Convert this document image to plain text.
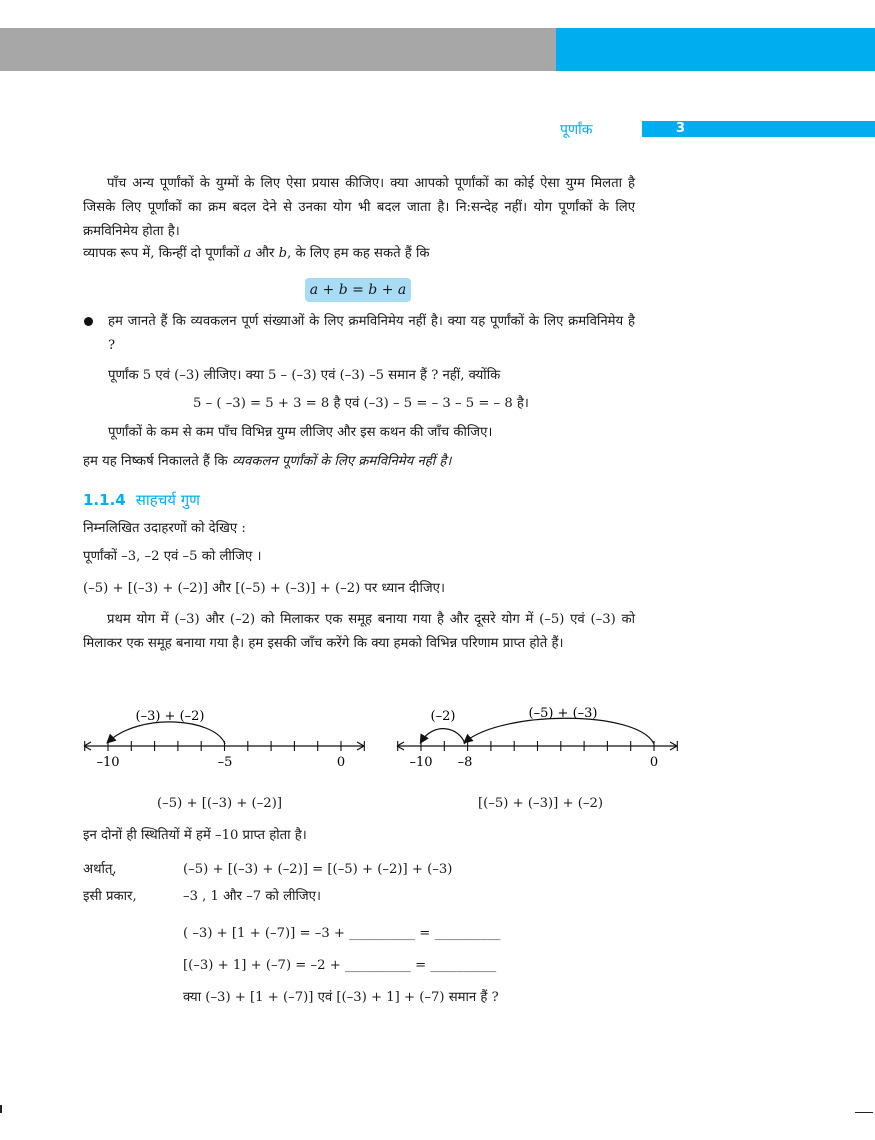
पूर्णांक	3
पाँच अन्य पूर्णांकों के युग्मों के लिए ऐसा प्रयास कीजिए। क्या आपको पूर्णांकों का कोई ऐसा युग्म मिलता है जिसके लिए पूर्णांकों का क्रम बदल देने से उनका योग भी बदल जाता है। नि:सन्देह नहीं। योग पूर्णांकों के लिए क्रमविनिमेय होता है।
व्यापक रूप में, किन्हीं दो पूर्णांकों a और b, के लिए हम कह सकते हैं कि
a + b = b + a
हम जानते हैं कि व्यवकलन पूर्ण संख्याओं के लिए क्रमविनिमेय नहीं है। क्या यह पूर्णांकों के लिए क्रमविनिमेय है ?
पूर्णांक 5 एवं (–3) लीजिए। क्या 5 – (–3) एवं (–3) –5 समान हैं ? नहीं, क्योंकि
5 – ( –3) = 5 + 3 = 8 है एवं (–3) – 5 = – 3 – 5 = – 8 है।
पूर्णांकों के कम से कम पाँच विभिन्न युग्म लीजिए और इस कथन की जाँच कीजिए।
हम यह निष्कर्ष निकालते हैं कि व्यवकलन पूर्णांकों के लिए क्रमविनिमेय नहीं है।
1.1.4 साहचर्य गुण
निम्नलिखित उदाहरणों को देखिए :
पूर्णांकों –3, –2 एवं –5 को लीजिए ।
(–5) + [(–3) + (–2)] और [(–5) + (–3)] + (–2) पर ध्यान दीजिए।
प्रथम योग में (–3) और (–2) को मिलाकर एक समूह बनाया गया है और दूसरे योग में (–5) एवं (–3) को मिलाकर एक समूह बनाया गया है। हम इसकी जाँच करेंगे कि क्या हमको विभिन्न परिणाम प्राप्त होते हैं।
(–3) + (–2)
–10	–5	0
(–5) + [(–3) + (–2)]
(–2)	(–5) + (–3)
–10 –8	0
[(–5) + (–3)] + (–2)
इन दोनों ही स्थितियों में हमें –10 प्राप्त होता है।
अर्थात्,	(–5) + [(–3) + (–2)] = [(–5) + (–2)] + (–3)
इसी प्रकार,	–3 , 1 और –7 को लीजिए।
( –3) + [1 + (–7)] = –3 + __________ = __________
[(–3) + 1] + (–7) = –2 + __________ = __________
क्या (–3) + [1 + (–7)] एवं [(–3) + 1] + (–7) समान हैं ?
